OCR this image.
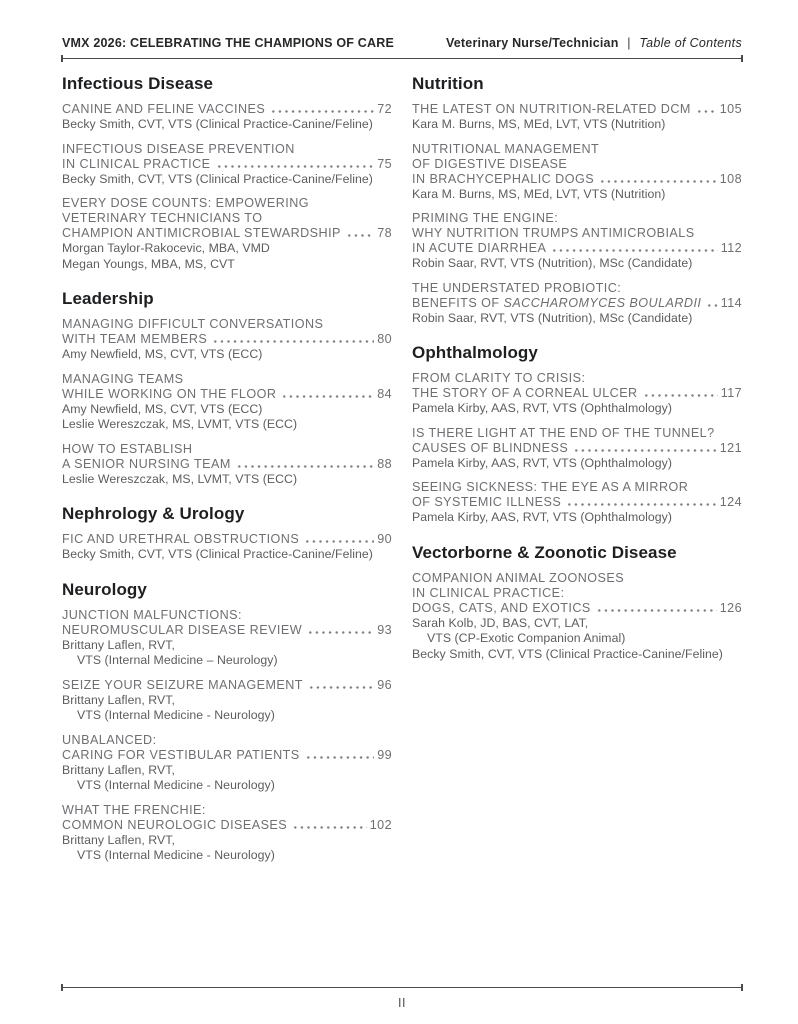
VMX 2026: CELEBRATING THE CHAMPIONS OF CARE	Veterinary Nurse/Technician | Table of Contents
Infectious Disease
CANINE AND FELINE VACCINES	72
Becky Smith, CVT, VTS (Clinical Practice-Canine/Feline)
INFECTIOUS DISEASE PREVENTION
IN CLINICAL PRACTICE	75
Becky Smith, CVT, VTS (Clinical Practice-Canine/Feline)
EVERY DOSE COUNTS: EMPOWERING
VETERINARY TECHNICIANS TO
CHAMPION ANTIMICROBIAL STEWARDSHIP	78
Morgan Taylor-Rakocevic, MBA, VMD
Megan Youngs, MBA, MS, CVT
Leadership
MANAGING DIFFICULT CONVERSATIONS
WITH TEAM MEMBERS	80
Amy Newfield, MS, CVT, VTS (ECC)
MANAGING TEAMS
WHILE WORKING ON THE FLOOR	84
Amy Newfield, MS, CVT, VTS (ECC)
Leslie Wereszczak, MS, LVMT, VTS (ECC)
HOW TO ESTABLISH
A SENIOR NURSING TEAM	88
Leslie Wereszczak, MS, LVMT, VTS (ECC)
Nephrology & Urology
FIC AND URETHRAL OBSTRUCTIONS	90
Becky Smith, CVT, VTS (Clinical Practice-Canine/Feline)
Neurology
JUNCTION MALFUNCTIONS:
NEUROMUSCULAR DISEASE REVIEW	93
Brittany Laflen, RVT,
VTS (Internal Medicine – Neurology)
SEIZE YOUR SEIZURE MANAGEMENT	96
Brittany Laflen, RVT,
VTS (Internal Medicine - Neurology)
UNBALANCED:
CARING FOR VESTIBULAR PATIENTS	99
Brittany Laflen, RVT,
VTS (Internal Medicine - Neurology)
WHAT THE FRENCHIE:
COMMON NEUROLOGIC DISEASES	102
Brittany Laflen, RVT,
VTS (Internal Medicine - Neurology)
Nutrition
THE LATEST ON NUTRITION-RELATED DCM 105
Kara M. Burns, MS, MEd, LVT, VTS (Nutrition)
NUTRITIONAL MANAGEMENT
OF DIGESTIVE DISEASE
IN BRACHYCEPHALIC DOGS	108
Kara M. Burns, MS, MEd, LVT, VTS (Nutrition)
PRIMING THE ENGINE:
WHY NUTRITION TRUMPS ANTIMICROBIALS
IN ACUTE DIARRHEA	112
Robin Saar, RVT, VTS (Nutrition), MSc (Candidate)
THE UNDERSTATED PROBIOTIC:
BENEFITS OF SACCHAROMYCES BOULARDII 114
Robin Saar, RVT, VTS (Nutrition), MSc (Candidate)
Ophthalmology
FROM CLARITY TO CRISIS:
THE STORY OF A CORNEAL ULCER	117
Pamela Kirby, AAS, RVT, VTS (Ophthalmology)
IS THERE LIGHT AT THE END OF THE TUNNEL?
CAUSES OF BLINDNESS	121
Pamela Kirby, AAS, RVT, VTS (Ophthalmology)
SEEING SICKNESS: THE EYE AS A MIRROR
OF SYSTEMIC ILLNESS	124
Pamela Kirby, AAS, RVT, VTS (Ophthalmology)
Vectorborne & Zoonotic Disease
COMPANION ANIMAL ZOONOSES
IN CLINICAL PRACTICE:
DOGS, CATS, AND EXOTICS	126
Sarah Kolb, JD, BAS, CVT, LAT,
VTS (CP-Exotic Companion Animal)
Becky Smith, CVT, VTS (Clinical Practice-Canine/Feline)
II
